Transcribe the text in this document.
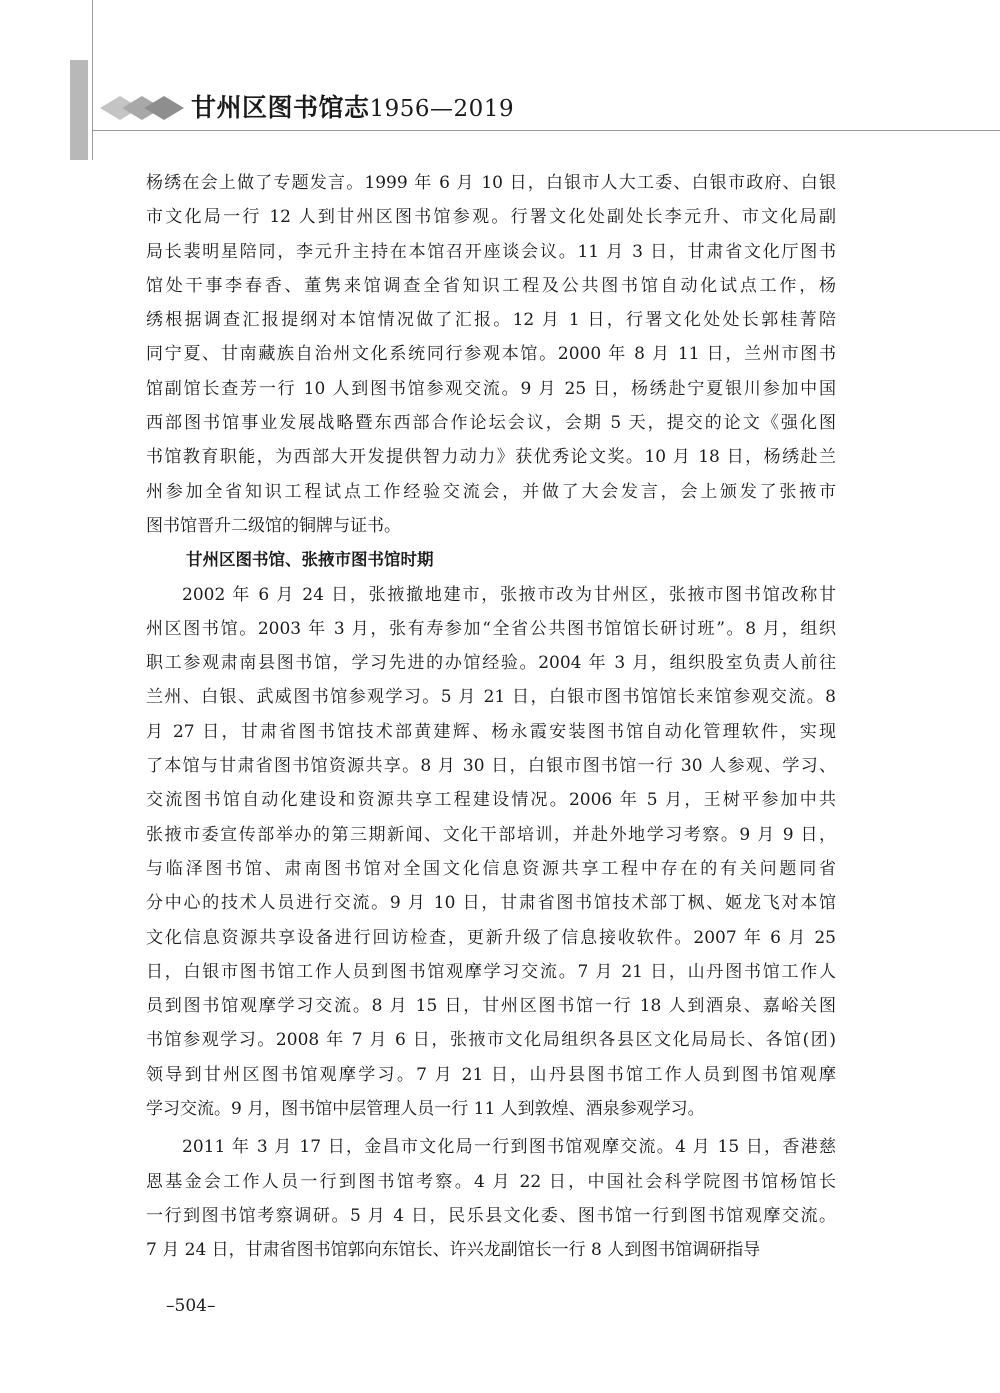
甘州区图书馆志1956—2019
杨绣在会上做了专题发言。1999 年 6 月 10 日，白银市人大工委、白银市政府、白银
市文化局一行 12 人到甘州区图书馆参观。行署文化处副处长李元升、市文化局副
局长裴明星陪同，李元升主持在本馆召开座谈会议。11 月 3 日，甘肃省文化厅图书
馆处干事李春香、董隽来馆调查全省知识工程及公共图书馆自动化试点工作，杨
绣根据调查汇报提纲对本馆情况做了汇报。12 月 1 日，行署文化处处长郭桂菁陪
同宁夏、甘南藏族自治州文化系统同行参观本馆。2000 年 8 月 11 日，兰州市图书
馆副馆长查芳一行 10 人到图书馆参观交流。9 月 25 日，杨绣赴宁夏银川参加中国
西部图书馆事业发展战略暨东西部合作论坛会议，会期 5 天，提交的论文《强化图
书馆教育职能，为西部大开发提供智力动力》获优秀论文奖。10 月 18 日，杨绣赴兰
州参加全省知识工程试点工作经验交流会，并做了大会发言，会上颁发了张掖市
图书馆晋升二级馆的铜牌与证书。
甘州区图书馆、张掖市图书馆时期
2002 年 6 月 24 日，张掖撤地建市，张掖市改为甘州区，张掖市图书馆改称甘
州区图书馆。2003 年 3 月，张有寿参加“全省公共图书馆馆长研讨班”。8 月，组织
职工参观肃南县图书馆，学习先进的办馆经验。2004 年 3 月，组织股室负责人前往
兰州、白银、武威图书馆参观学习。5 月 21 日，白银市图书馆馆长来馆参观交流。8
月 27 日，甘肃省图书馆技术部黄建辉、杨永霞安装图书馆自动化管理软件，实现
了本馆与甘肃省图书馆资源共享。8 月 30 日，白银市图书馆一行 30 人参观、学习、
交流图书馆自动化建设和资源共享工程建设情况。2006 年 5 月，王树平参加中共
张掖市委宣传部举办的第三期新闻、文化干部培训，并赴外地学习考察。9 月 9 日，
与临泽图书馆、肃南图书馆对全国文化信息资源共享工程中存在的有关问题同省
分中心的技术人员进行交流。9 月 10 日，甘肃省图书馆技术部丁枫、姬龙飞对本馆
文化信息资源共享设备进行回访检查，更新升级了信息接收软件。2007 年 6 月 25
日，白银市图书馆工作人员到图书馆观摩学习交流。7 月 21 日，山丹图书馆工作人
员到图书馆观摩学习交流。8 月 15 日，甘州区图书馆一行 18 人到酒泉、嘉峪关图
书馆参观学习。2008 年 7 月 6 日，张掖市文化局组织各县区文化局局长、各馆(团)
领导到甘州区图书馆观摩学习。7 月 21 日，山丹县图书馆工作人员到图书馆观摩
学习交流。9 月，图书馆中层管理人员一行 11 人到敦煌、酒泉参观学习。
2011 年 3 月 17 日，金昌市文化局一行到图书馆观摩交流。4 月 15 日，香港慈
恩基金会工作人员一行到图书馆考察。4 月 22 日，中国社会科学院图书馆杨馆长
一行到图书馆考察调研。5 月 4 日，民乐县文化委、图书馆一行到图书馆观摩交流。
7 月 24 日，甘肃省图书馆郭向东馆长、许兴龙副馆长一行 8 人到图书馆调研指导
–504–
